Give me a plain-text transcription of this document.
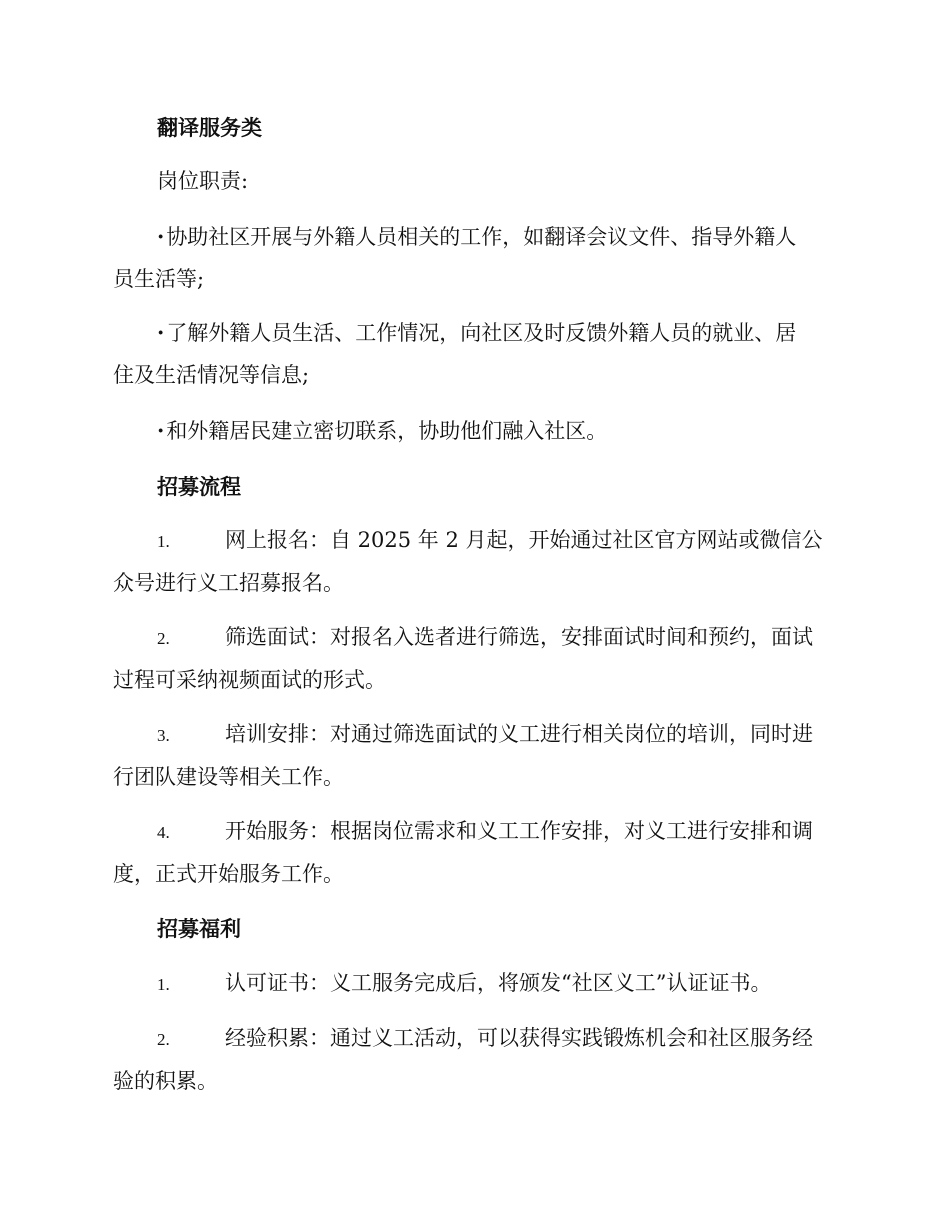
翻译服务类
岗位职责:
·协助社区开展与外籍人员相关的工作，如翻译会议文件、指导外籍人
员生活等;
·了解外籍人员生活、工作情况，向社区及时反馈外籍人员的就业、居
住及生活情况等信息;
·和外籍居民建立密切联系，协助他们融入社区。
招募流程
1.	网上报名：自 2025 年 2 月起，开始通过社区官方网站或微信公
众号进行义工招募报名。
2.	筛选面试：对报名入选者进行筛选，安排面试时间和预约，面试
过程可采纳视频面试的形式。
3.	培训安排：对通过筛选面试的义工进行相关岗位的培训，同时进
行团队建设等相关工作。
4.	开始服务：根据岗位需求和义工工作安排，对义工进行安排和调
度，正式开始服务工作。
招募福利
1.	认可证书：义工服务完成后，将颁发“社区义工”认证证书。
2.	经验积累：通过义工活动，可以获得实践锻炼机会和社区服务经
验的积累。
